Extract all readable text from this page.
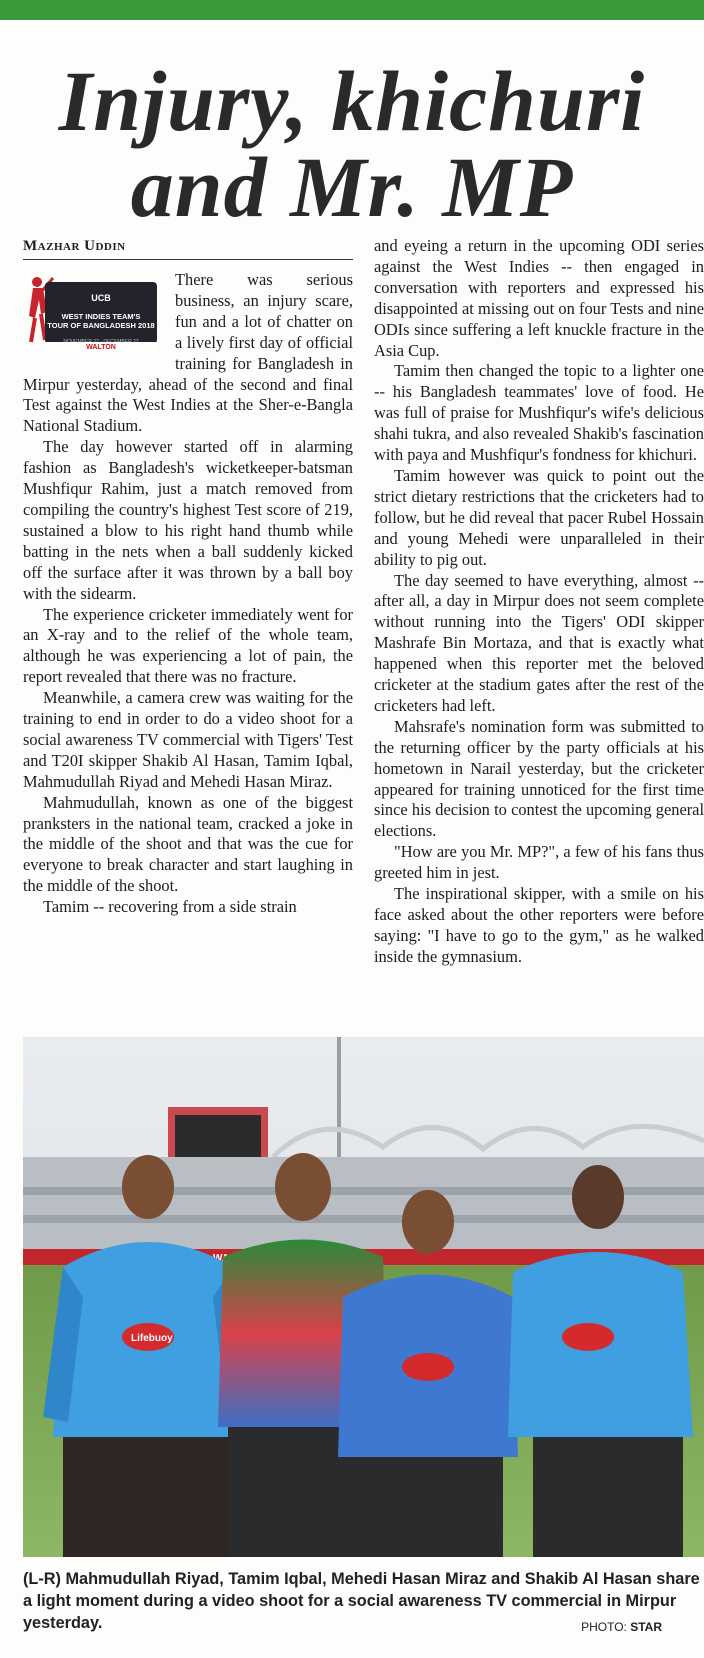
Injury, khichuri
and Mr. MP
Mazhar Uddin
UCB
WEST INDIES TEAM'S
TOUR OF BANGLADESH 2018
WALTON

There was serious business, an injury scare, fun and a lot of chatter on a lively first day of official training for Bangladesh in Mirpur yesterday, ahead of the second and final Test against the West Indies at the Sher-e-Bangla National Stadium.

The day however started off in alarming fashion as Bangladesh's wicketkeeper-batsman Mushfiqur Rahim, just a match removed from compiling the country's highest Test score of 219, sustained a blow to his right hand thumb while batting in the nets when a ball suddenly kicked off the surface after it was thrown by a ball boy with the sidearm.

The experience cricketer immediately went for an X-ray and to the relief of the whole team, although he was experiencing a lot of pain, the report revealed that there was no fracture.

Meanwhile, a camera crew was waiting for the training to end in order to do a video shoot for a social awareness TV commercial with Tigers' Test and T20I skipper Shakib Al Hasan, Tamim Iqbal, Mahmudullah Riyad and Mehedi Hasan Miraz.

Mahmudullah, known as one of the biggest pranksters in the national team, cracked a joke in the middle of the shoot and that was the cue for everyone to break character and start laughing in the middle of the shoot.

Tamim -- recovering from a side strain

and eyeing a return in the upcoming ODI series against the West Indies -- then engaged in conversation with reporters and expressed his disappointed at missing out on four Tests and nine ODIs since suffering a left knuckle fracture in the Asia Cup.

Tamim then changed the topic to a lighter one -- his Bangladesh teammates' love of food. He was full of praise for Mushfiqur's wife's delicious shahi tukra, and also revealed Shakib's fascination with paya and Mushfiqur's fondness for khichuri.

Tamim however was quick to point out the strict dietary restrictions that the cricketers had to follow, but he did reveal that pacer Rubel Hossain and young Mehedi were unparalleled in their ability to pig out.

The day seemed to have everything, almost -- after all, a day in Mirpur does not seem complete without running into the Tigers' ODI skipper Mashrafe Bin Mortaza, and that is exactly what happened when this reporter met the beloved cricketer at the stadium gates after the rest of the cricketers had left.

Mahsrafe's nomination form was submitted to the returning officer by the party officials at his hometown in Narail yesterday, but the cricketer appeared for training unnoticed for the first time since his decision to contest the upcoming general elections.

"How are you Mr. MP?", a few of his fans thus greeted him in jest.

The inspirational skipper, with a smile on his face asked about the other reporters were before saying: "I have to go to the gym," as he walked inside the gymnasium.

Lifebuoy
(L-R) Mahmudullah Riyad, Tamim Iqbal, Mehedi Hasan Miraz and Shakib Al Hasan share a light moment during a video shoot for a social awareness TV commercial in Mirpur yesterday.	PHOTO: STAR
